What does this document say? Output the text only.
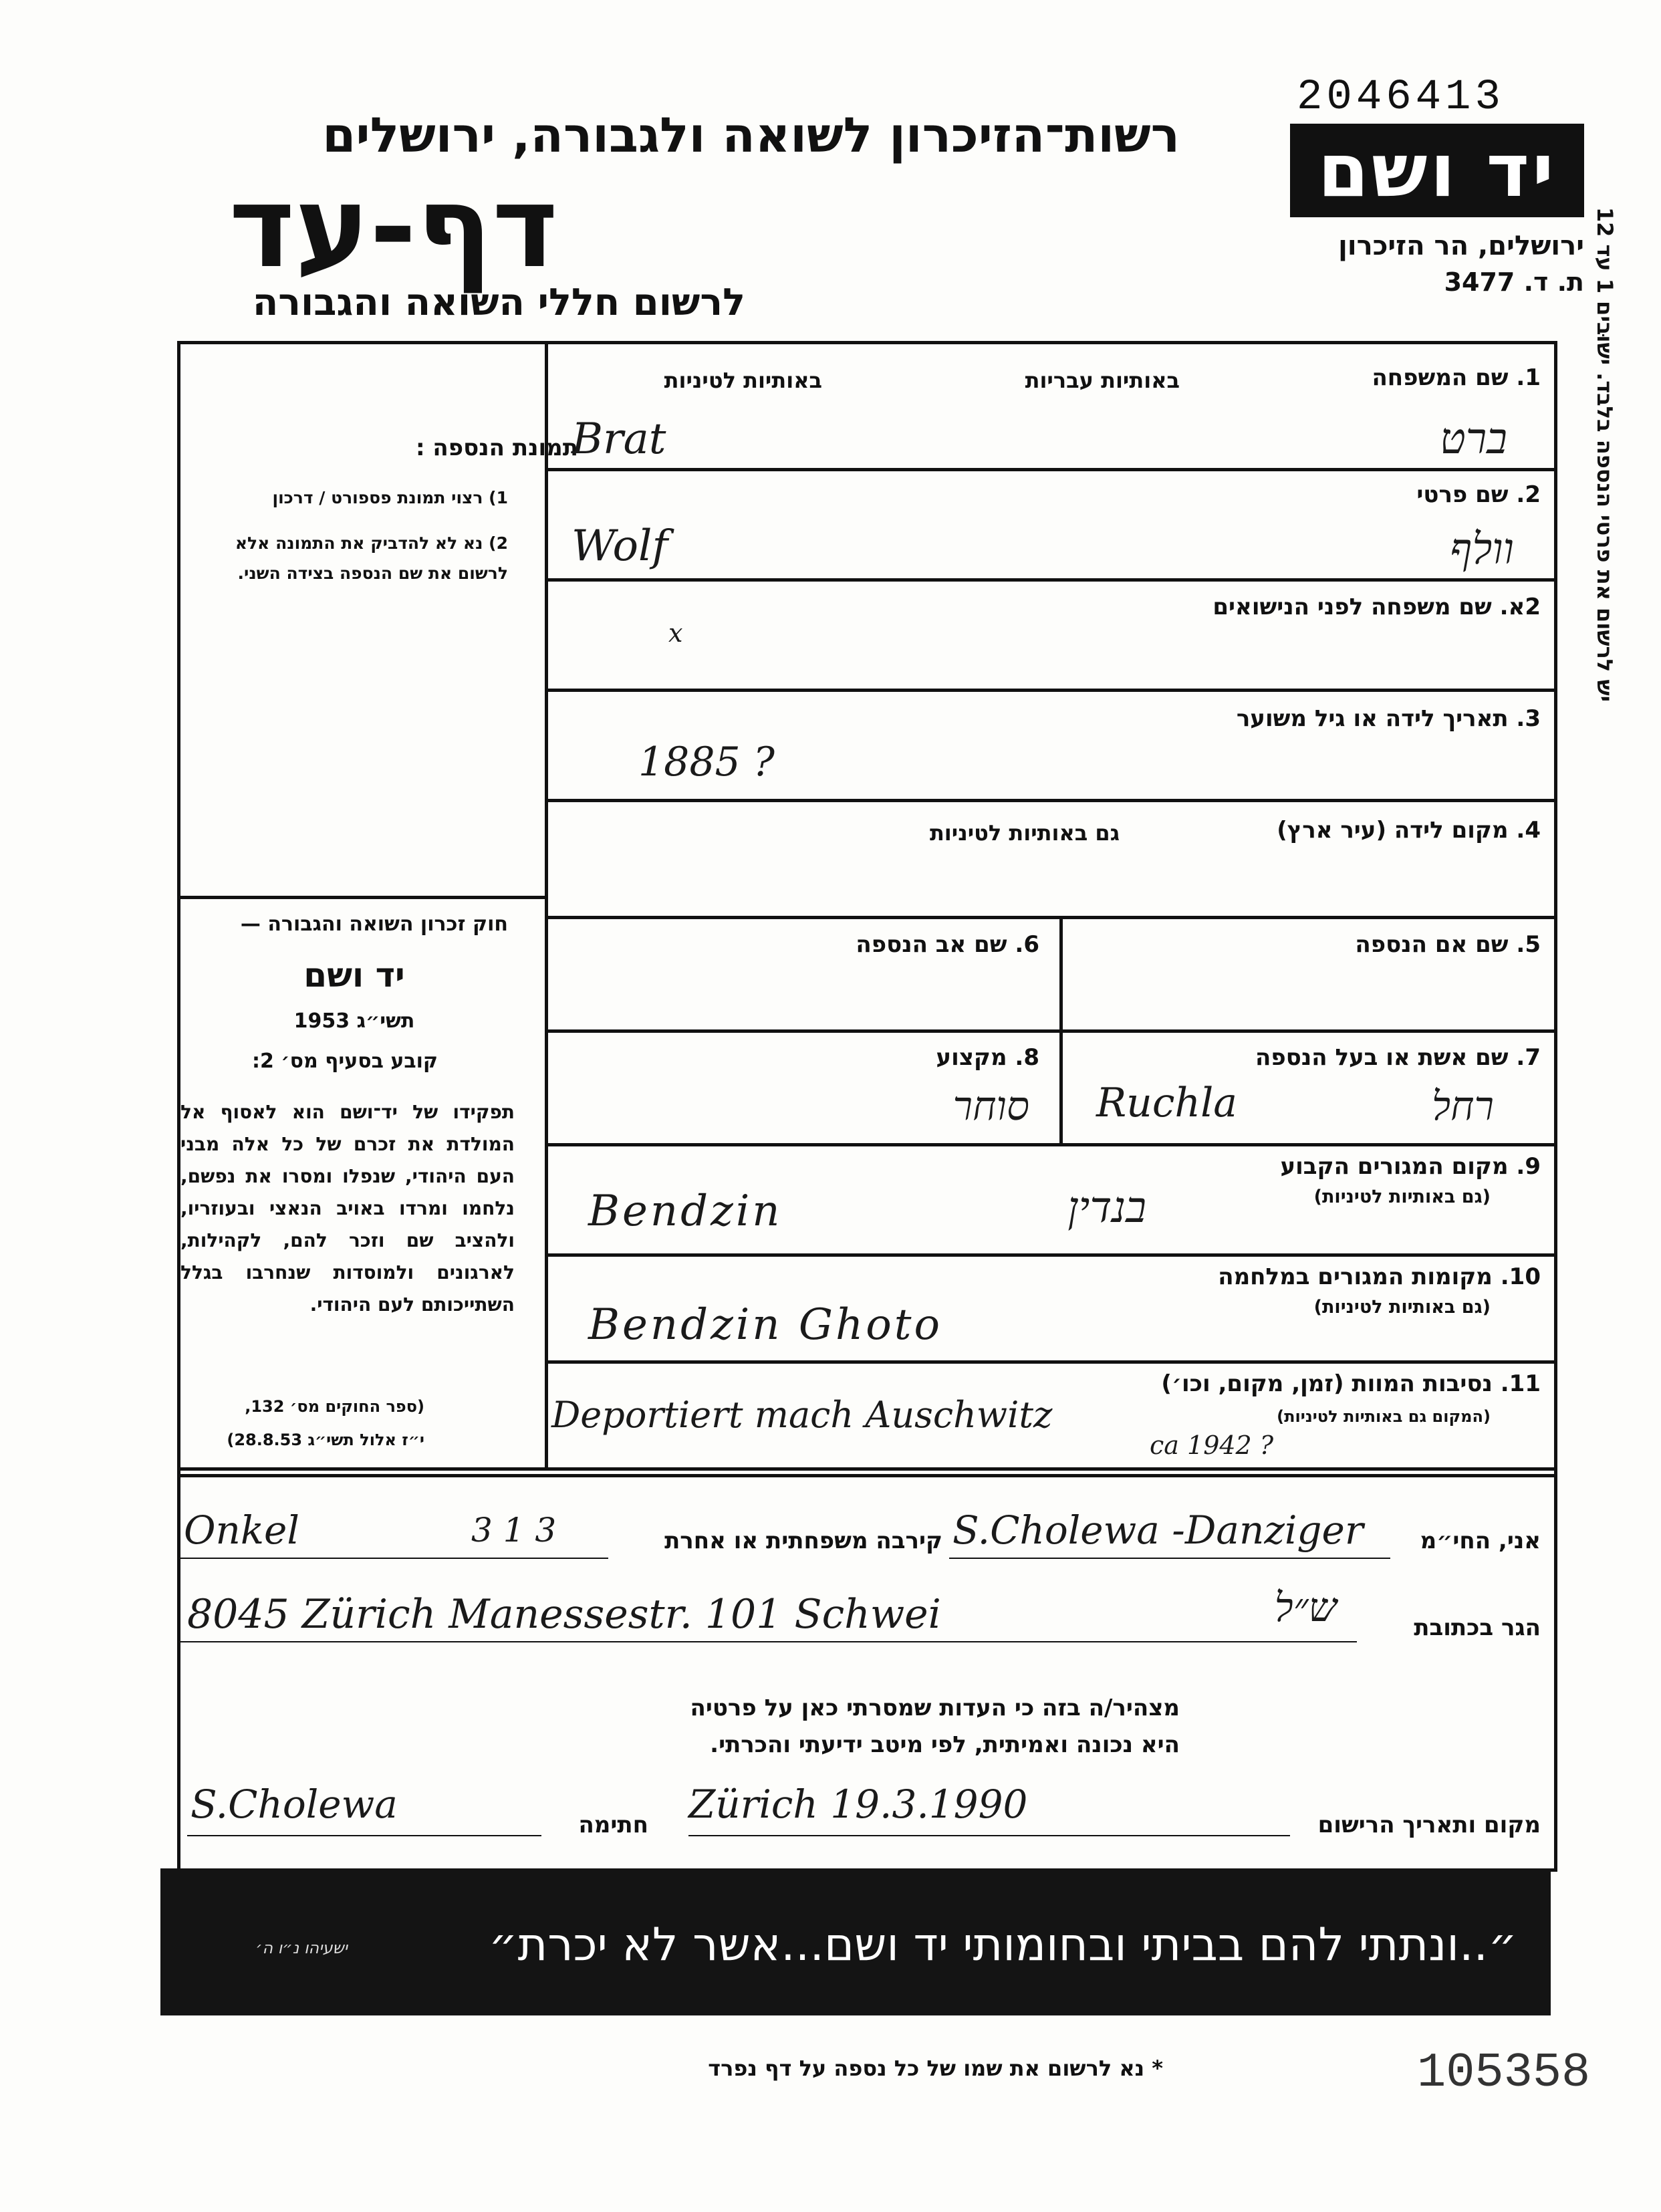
2046413
יד ושם
ירושלים, הר הזיכרון
ת. ד. 3477
רשות־הזיכרון לשואה ולגבורה, ירושלים
דף-עד
לרשום חללי השואה והגבורה
יש לרשום את פרטי הנספה בלבד. ישוּבים 1 עד 12
תמונת הנספה :
1) רצוי תמונת פספורט / דרכון
2) נא לא להדביק את התמונה אלא לרשום את שם הנספה בצידה השני.
חוק זכרון השואה והגבורה —
יד ושם
תשי״ג 1953
קובע בסעיף מס׳ 2:
תפקידו של יד־ושם הוא לאסוף אל המולדת את זכרם של כל אלה מבני העם היהודי, שנפלו ומסרו את נפשם, נלחמו ומרדו באויב הנאצי ובעוזריו, ולהציב שם וזכר להם, לקהילות, לארגונים ולמוסדות שנחרבו בגלל השתייכותם לעם היהודי.
(ספר החוקים מס׳ 132,
י״ז אלול תשי״ג 28.8.53)
1. שם המשפחה
באותיות עבריות
באותיות לטיניות
Brat	ברט
2. שם פרטי
Wolf	וולף
2א. שם משפחה לפני הנישואים
x
3. תאריך לידה או גיל משוער
1885 ?
4. מקום לידה (עיר ארץ)
גם באותיות לטיניות
5. שם אם הנספה
6. שם אב הנספה
7. שם אשת או בעל הנספה
Ruchla	רחל
8. מקצוע
סוחר
9. מקום המגורים הקבוע
(גם באותיות לטיניות)
Bendzin	בנדין
10. מקומות המגורים במלחמה
(גם באותיות לטיניות)
Bendzin Ghoto
11. נסיבות המוות (זמן, מקום, וכו׳)
(המקום גם באותיות לטיניות)
Deportiert mach Auschwitz
ca 1942 ?
אני, החי״מ
S.Cholewa -Danziger
קירבה משפחתית או אחרת
Onkel	3 1 3
הגר בכתובת
8045 Zürich Manessestr. 101 Schwei	ש״ל
מצהיר/ה בזה כי העדות שמסרתי כאן על פרטיה
היא נכונה ואמיתית, לפי מיטב ידיעתי והכרתי.
מקום ותאריך הרישום
Zürich 19.3.1990
חתימה
S.Cholewa
״..ונתתי להם בביתי ובחומותי יד ושם...אשר לא יכרת״
ישעיהו נ״ו ה׳
* נא לרשום את שמו של כל נספה על דף נפרד	105358
